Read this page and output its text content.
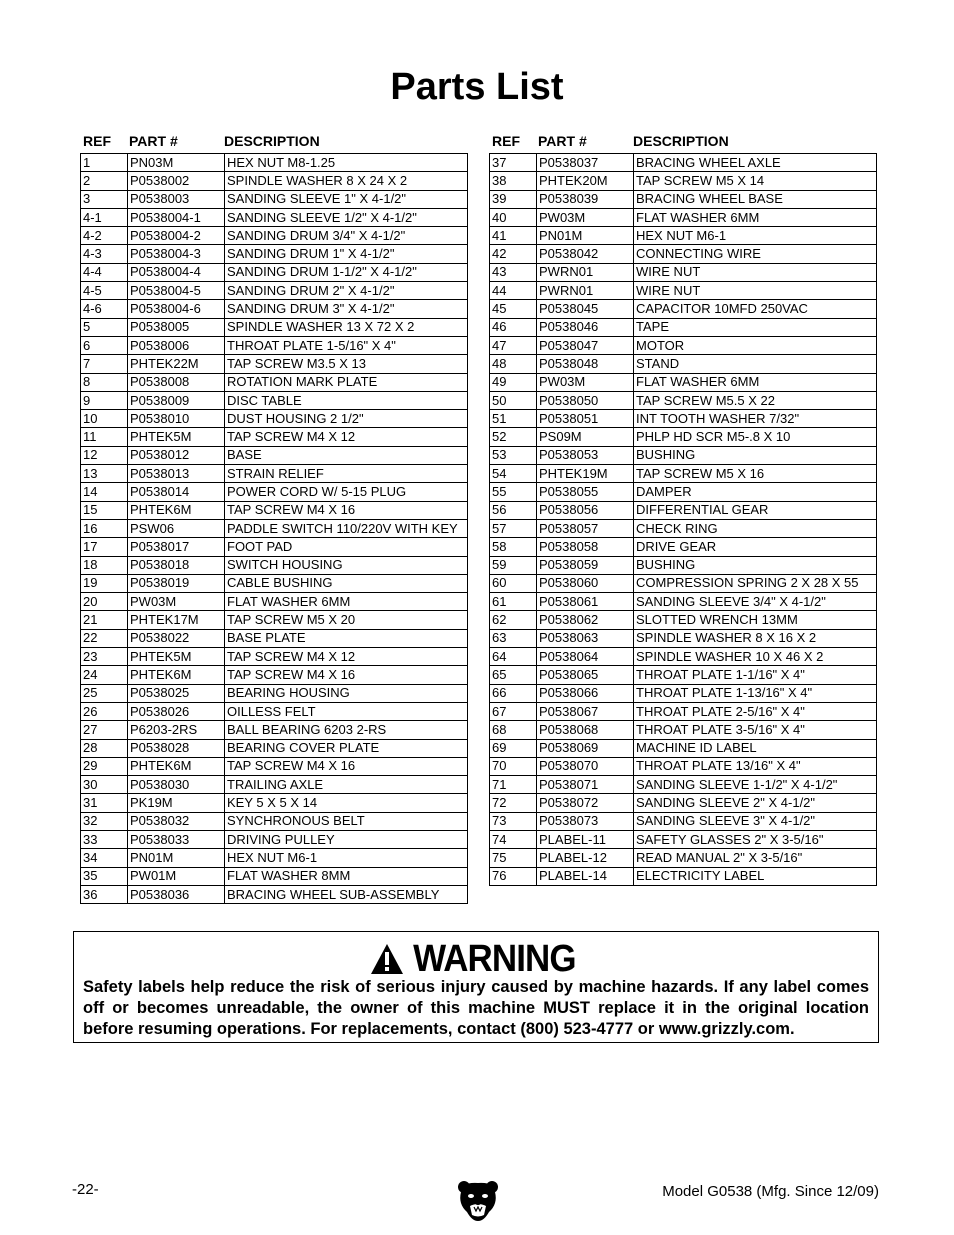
Parts List
REF	PART #	DESCRIPTION
1	PN03M	HEX NUT M8-1.25
2	P0538002	SPINDLE WASHER 8 X 24 X 2
3	P0538003	SANDING SLEEVE 1" X 4-1/2"
4-1	P0538004-1	SANDING SLEEVE 1/2" X 4-1/2"
4-2	P0538004-2	SANDING DRUM 3/4" X 4-1/2"
4-3	P0538004-3	SANDING DRUM 1" X 4-1/2"
4-4	P0538004-4	SANDING DRUM 1-1/2" X 4-1/2"
4-5	P0538004-5	SANDING DRUM 2" X 4-1/2"
4-6	P0538004-6	SANDING DRUM 3" X 4-1/2"
5	P0538005	SPINDLE WASHER 13 X 72 X 2
6	P0538006	THROAT PLATE 1-5/16" X 4"
7	PHTEK22M	TAP SCREW M3.5 X 13
8	P0538008	ROTATION MARK PLATE
9	P0538009	DISC TABLE
10	P0538010	DUST HOUSING 2 1/2"
11	PHTEK5M	TAP SCREW M4 X 12
12	P0538012	BASE
13	P0538013	STRAIN RELIEF
14	P0538014	POWER CORD W/ 5-15 PLUG
15	PHTEK6M	TAP SCREW M4 X 16
16	PSW06	PADDLE SWITCH 110/220V WITH KEY
17	P0538017	FOOT PAD
18	P0538018	SWITCH HOUSING
19	P0538019	CABLE BUSHING
20	PW03M	FLAT WASHER 6MM
21	PHTEK17M	TAP SCREW M5 X 20
22	P0538022	BASE PLATE
23	PHTEK5M	TAP SCREW M4 X 12
24	PHTEK6M	TAP SCREW M4 X 16
25	P0538025	BEARING HOUSING
26	P0538026	OILLESS FELT
27	P6203-2RS	BALL BEARING 6203 2-RS
28	P0538028	BEARING COVER PLATE
29	PHTEK6M	TAP SCREW M4 X 16
30	P0538030	TRAILING AXLE
31	PK19M	KEY 5 X 5 X 14
32	P0538032	SYNCHRONOUS BELT
33	P0538033	DRIVING PULLEY
34	PN01M	HEX NUT M6-1
35	PW01M	FLAT WASHER 8MM
36	P0538036	BRACING WHEEL SUB-ASSEMBLY
REF	PART #	DESCRIPTION
37	P0538037	BRACING WHEEL AXLE
38	PHTEK20M	TAP SCREW M5 X 14
39	P0538039	BRACING WHEEL BASE
40	PW03M	FLAT WASHER 6MM
41	PN01M	HEX NUT M6-1
42	P0538042	CONNECTING WIRE
43	PWRN01	WIRE NUT
44	PWRN01	WIRE NUT
45	P0538045	CAPACITOR 10MFD 250VAC
46	P0538046	TAPE
47	P0538047	MOTOR
48	P0538048	STAND
49	PW03M	FLAT WASHER 6MM
50	P0538050	TAP SCREW M5.5 X 22
51	P0538051	INT TOOTH WASHER 7/32"
52	PS09M	PHLP HD SCR M5-.8 X 10
53	P0538053	BUSHING
54	PHTEK19M	TAP SCREW M5 X 16
55	P0538055	DAMPER
56	P0538056	DIFFERENTIAL GEAR
57	P0538057	CHECK RING
58	P0538058	DRIVE GEAR
59	P0538059	BUSHING
60	P0538060	COMPRESSION SPRING 2 X 28 X 55
61	P0538061	SANDING SLEEVE 3/4" X 4-1/2"
62	P0538062	SLOTTED WRENCH 13MM
63	P0538063	SPINDLE WASHER 8 X 16 X 2
64	P0538064	SPINDLE WASHER 10 X 46 X 2
65	P0538065	THROAT PLATE 1-1/16" X 4"
66	P0538066	THROAT PLATE 1-13/16" X 4"
67	P0538067	THROAT PLATE 2-5/16" X 4"
68	P0538068	THROAT PLATE 3-5/16" X 4"
69	P0538069	MACHINE ID LABEL
70	P0538070	THROAT PLATE 13/16" X 4"
71	P0538071	SANDING SLEEVE 1-1/2" X 4-1/2"
72	P0538072	SANDING SLEEVE 2" X 4-1/2"
73	P0538073	SANDING SLEEVE 3" X 4-1/2"
74	PLABEL-11	SAFETY GLASSES 2" X 3-5/16"
75	PLABEL-12	READ MANUAL 2" X 3-5/16"
76	PLABEL-14	ELECTRICITY LABEL
WARNING
Safety labels help reduce the risk of serious injury caused by machine hazards. If any label comes off or becomes unreadable, the owner of this machine MUST replace it in the original location before resuming operations. For replacements, contact (800) 523-4777 or www.grizzly.com.
-22-	Model G0538 (Mfg. Since 12/09)
